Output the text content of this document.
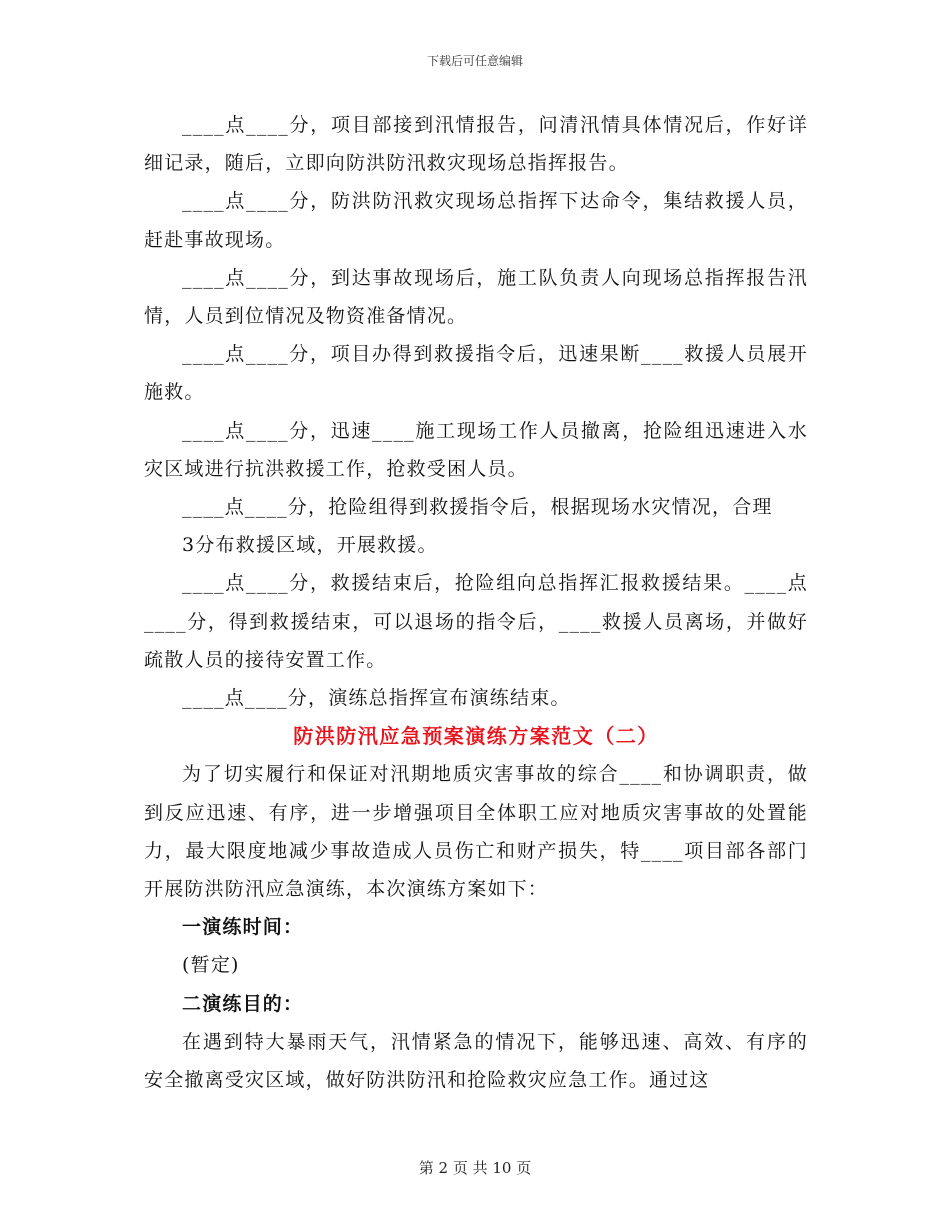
下载后可任意编辑

____点____分，项目部接到汛情报告，问清汛情具体情况后，作好详细记录，随后，立即向防洪防汛救灾现场总指挥报告。

____点____分，防洪防汛救灾现场总指挥下达命令，集结救援人员，赶赴事故现场。

____点____分，到达事故现场后，施工队负责人向现场总指挥报告汛情，人员到位情况及物资准备情况。

____点____分，项目办得到救援指令后，迅速果断____救援人员展开施救。

____点____分，迅速____施工现场工作人员撤离，抢险组迅速进入水灾区域进行抗洪救援工作，抢救受困人员。

____点____分，抢险组得到救援指令后，根据现场水灾情况，合理

3分布救援区域，开展救援。

____点____分，救援结束后，抢险组向总指挥汇报救援结果。____点____分，得到救援结束，可以退场的指令后，____救援人员离场，并做好疏散人员的接待安置工作。

____点____分，演练总指挥宣布演练结束。

防洪防汛应急预案演练方案范文（二）

为了切实履行和保证对汛期地质灾害事故的综合____和协调职责，做到反应迅速、有序，进一步增强项目全体职工应对地质灾害事故的处置能力，最大限度地减少事故造成人员伤亡和财产损失，特____项目部各部门开展防洪防汛应急演练，本次演练方案如下：

一演练时间：

(暂定)

二演练目的：

在遇到特大暴雨天气，汛情紧急的情况下，能够迅速、高效、有序的安全撤离受灾区域，做好防洪防汛和抢险救灾应急工作。通过这

第 2 页 共 10 页
